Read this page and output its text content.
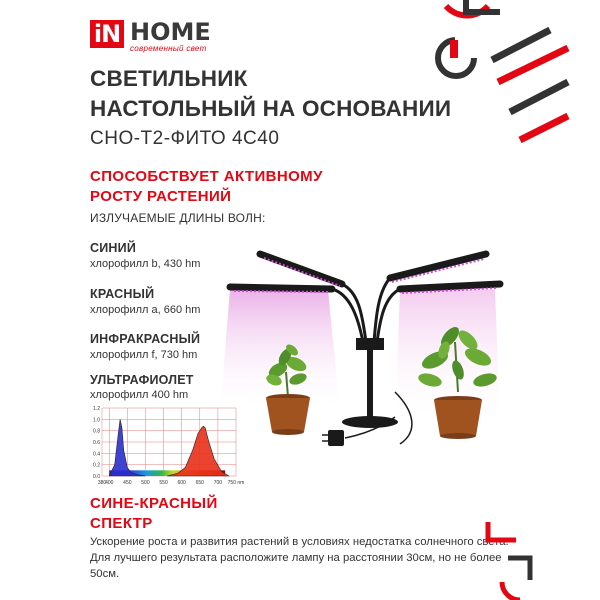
iN HOME
современный свет
СВЕТИЛЬНИК
НАСТОЛЬНЫЙ НА ОСНОВАНИИ
СНО-Т2-ФИТО 4С40
СПОСОБСТВУЕТ АКТИВНОМУ
РОСТУ РАСТЕНИЙ
ИЗЛУЧАЕМЫЕ ДЛИНЫ ВОЛН:
СИНИЙ
хлорофилл b, 430 hm
КРАСНЫЙ
хлорофилл а, 660 hm
ИНФРАКРАСНЫЙ
хлорофилл f, 730 hm
УЛЬТРАФИОЛЕТ
хлорофилл 400 hm
1.2
1.0
0.8
0.6
0.4
0.2
0.0
380
400 450 500 550 600 650 700 750 nm
СИНЕ-КРАСНЫЙ
СПЕКТР
Ускорение роста и развития растений в условиях недостатка солнечного света. Для лучшего результата расположите лампу на расстоянии 30см, но не более 50см.
